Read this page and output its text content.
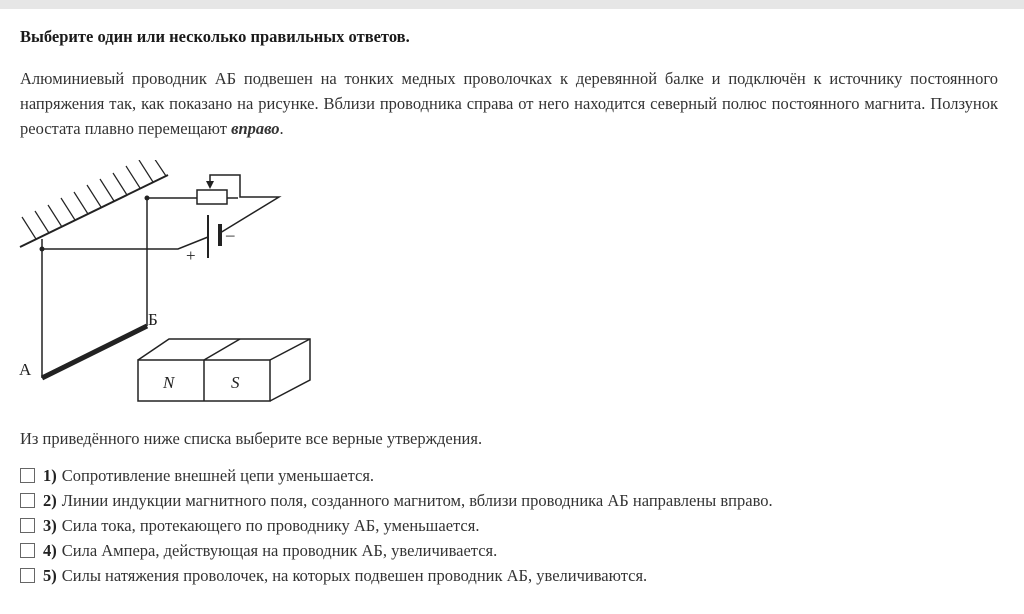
Выберите один или несколько правильных ответов.
Алюминиевый проводник АБ подвешен на тонких медных проволочках к деревянной балке и подключён к источнику постоянного напряжения так, как показано на рисунке. Вблизи проводника справа от него находится северный полюс постоянного магнита. Ползунок реостата плавно перемещают вправо.
+
–
А
Б
N	S
Из приведённого ниже списка выберите все верные утверждения.
1) Сопротивление внешней цепи уменьшается.
2) Линии индукции магнитного поля, созданного магнитом, вблизи проводника АБ направлены вправо.
3) Сила тока, протекающего по проводнику АБ, уменьшается.
4) Сила Ампера, действующая на проводник АБ, увеличивается.
5) Силы натяжения проволочек, на которых подвешен проводник АБ, увеличиваются.
